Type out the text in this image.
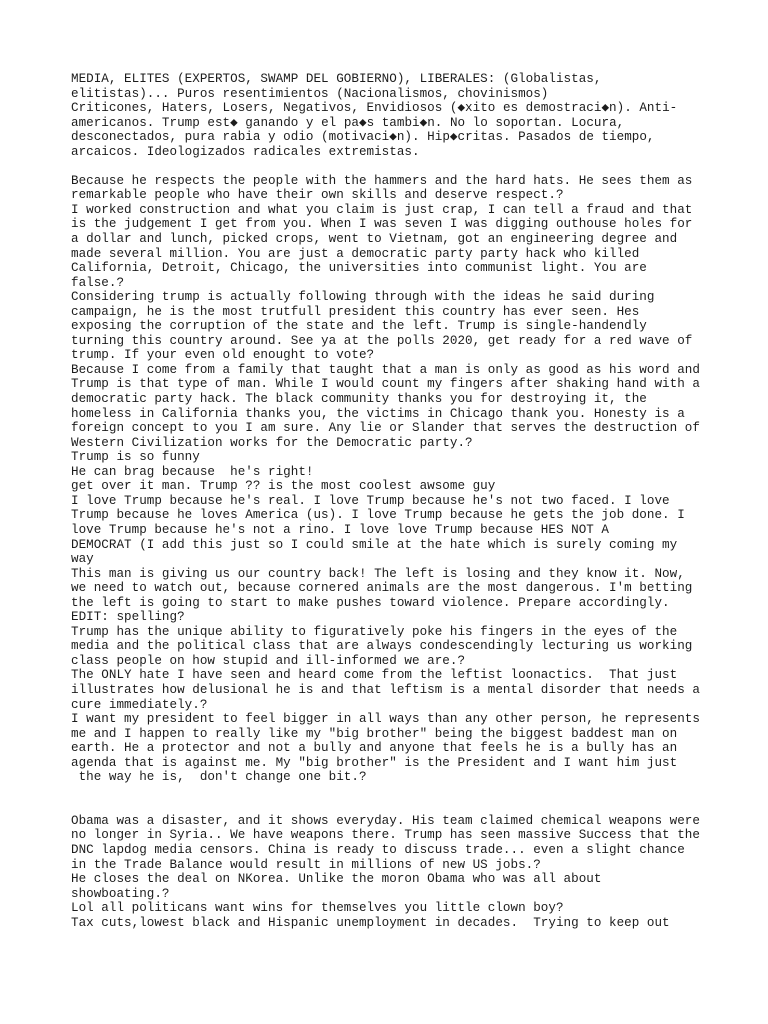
MEDIA, ELITES (EXPERTOS, SWAMP DEL GOBIERNO), LIBERALES: (Globalistas,
elitistas)... Puros resentimientos (Nacionalismos, chovinismos)
Criticones, Haters, Losers, Negativos, Envidiosos (◆xito es demostraci◆n). Anti-
americanos. Trump est◆ ganando y el pa◆s tambi◆n. No lo soportan. Locura,
desconectados, pura rabia y odio (motivaci◆n). Hip◆critas. Pasados de tiempo,
arcaicos. Ideologizados radicales extremistas.
Because he respects the people with the hammers and the hard hats. He sees them as
remarkable people who have their own skills and deserve respect.?
I worked construction and what you claim is just crap, I can tell a fraud and that
is the judgement I get from you. When I was seven I was digging outhouse holes for
a dollar and lunch, picked crops, went to Vietnam, got an engineering degree and
made several million. You are just a democratic party party hack who killed
California, Detroit, Chicago, the universities into communist light. You are
false.?
Considering trump is actually following through with the ideas he said during
campaign, he is the most trutfull president this country has ever seen. Hes
exposing the corruption of the state and the left. Trump is single-handendly
turning this country around. See ya at the polls 2020, get ready for a red wave of
trump. If your even old enought to vote?
Because I come from a family that taught that a man is only as good as his word and
Trump is that type of man. While I would count my fingers after shaking hand with a
democratic party hack. The black community thanks you for destroying it, the
homeless in California thanks you, the victims in Chicago thank you. Honesty is a
foreign concept to you I am sure. Any lie or Slander that serves the destruction of
Western Civilization works for the Democratic party.?
Trump is so funny
He can brag because  he's right!
get over it man. Trump ?? is the most coolest awsome guy
I love Trump because he's real. I love Trump because he's not two faced. I love
Trump because he loves America (us). I love Trump because he gets the job done. I
love Trump because he's not a rino. I love love Trump because HES NOT A
DEMOCRAT (I add this just so I could smile at the hate which is surely coming my
way
This man is giving us our country back! The left is losing and they know it. Now,
we need to watch out, because cornered animals are the most dangerous. I'm betting
the left is going to start to make pushes toward violence. Prepare accordingly.
EDIT: spelling?
Trump has the unique ability to figuratively poke his fingers in the eyes of the
media and the political class that are always condescendingly lecturing us working
class people on how stupid and ill-informed we are.?
The ONLY hate I have seen and heard come from the leftist loonactics.  That just
illustrates how delusional he is and that leftism is a mental disorder that needs a
cure immediately.?
I want my president to feel bigger in all ways than any other person, he represents
me and I happen to really like my "big brother" being the biggest baddest man on
earth. He a protector and not a bully and anyone that feels he is a bully has an
agenda that is against me. My "big brother" is the President and I want him just
the way he is,  don't change one bit.?
Obama was a disaster, and it shows everyday. His team claimed chemical weapons were
no longer in Syria.. We have weapons there. Trump has seen massive Success that the
DNC lapdog media censors. China is ready to discuss trade... even a slight chance
in the Trade Balance would result in millions of new US jobs.?
He closes the deal on NKorea. Unlike the moron Obama who was all about
showboating.?
Lol all politicans want wins for themselves you little clown boy?
Tax cuts,lowest black and Hispanic unemployment in decades.  Trying to keep out
